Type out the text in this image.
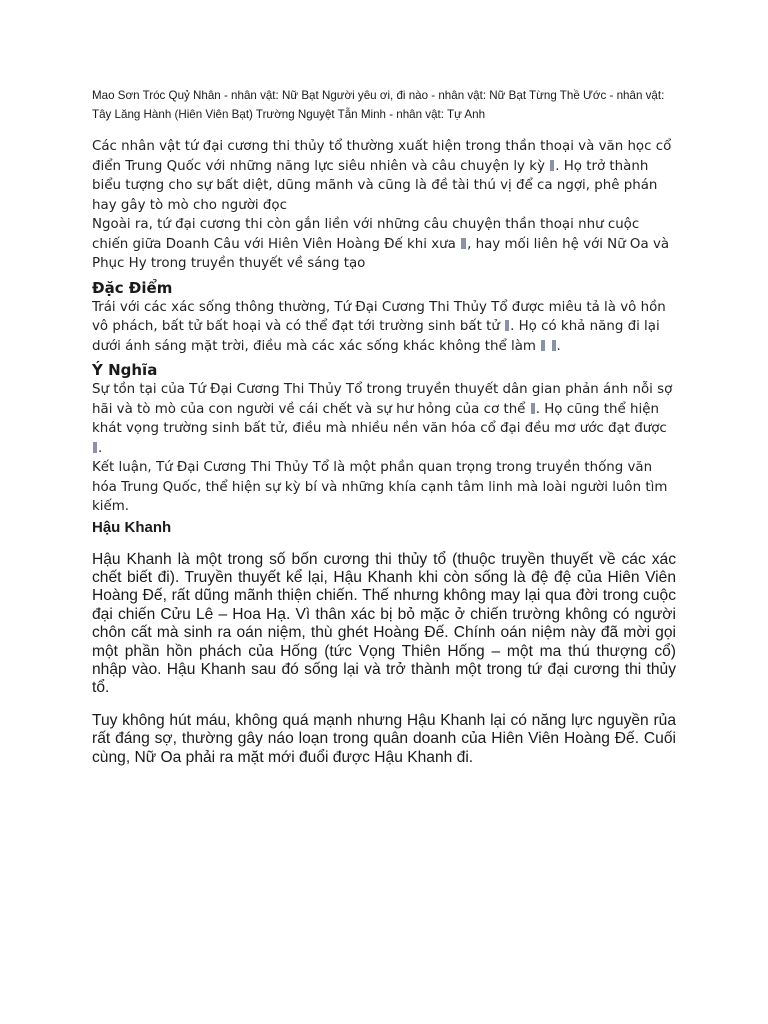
Mao Sơn Tróc Quỷ Nhân - nhân vật: Nữ Bạt Người yêu ơi, đi nào - nhân vật: Nữ Bạt Từng Thề Ước - nhân vật: Tây Lăng Hành (Hiên Viên Bạt) Trường Nguyệt Tẫn Minh - nhân vật: Tự Anh

Các nhân vật tứ đại cương thi thủy tổ thường xuất hiện trong thần thoại và văn học cổ điển Trung Quốc với những năng lực siêu nhiên và câu chuyện ly kỳ . Họ trở thành biểu tượng cho sự bất diệt, dũng mãnh và cũng là đề tài thú vị để ca ngợi, phê phán hay gây tò mò cho người đọc

Ngoài ra, tứ đại cương thi còn gắn liền với những câu chuyện thần thoại như cuộc chiến giữa Doanh Câu với Hiên Viên Hoàng Đế khi xưa , hay mối liên hệ với Nữ Oa và Phục Hy trong truyền thuyết về sáng tạo

Đặc Điểm

Trái với các xác sống thông thường, Tứ Đại Cương Thi Thủy Tổ được miêu tả là vô hồn vô phách, bất tử bất hoại và có thể đạt tới trường sinh bất tử . Họ có khả năng đi lại dưới ánh sáng mặt trời, điều mà các xác sống khác không thể làm .

Ý Nghĩa

Sự tồn tại của Tứ Đại Cương Thi Thủy Tổ trong truyền thuyết dân gian phản ánh nỗi sợ hãi và tò mò của con người về cái chết và sự hư hỏng của cơ thể . Họ cũng thể hiện khát vọng trường sinh bất tử, điều mà nhiều nền văn hóa cổ đại đều mơ ước đạt được .

Kết luận, Tứ Đại Cương Thi Thủy Tổ là một phần quan trọng trong truyền thống văn hóa Trung Quốc, thể hiện sự kỳ bí và những khía cạnh tâm linh mà loài người luôn tìm kiếm.

Hậu Khanh

Hậu Khanh là một trong số bốn cương thi thủy tổ (thuộc truyền thuyết về các xác chết biết đi). Truyền thuyết kể lại, Hậu Khanh khi còn sống là đệ đệ của Hiên Viên Hoàng Đế, rất dũng mãnh thiện chiến. Thế nhưng không may lại qua đời trong cuộc đại chiến Cửu Lê – Hoa Hạ. Vì thân xác bị bỏ mặc ở chiến trường không có người chôn cất mà sinh ra oán niệm, thù ghét Hoàng Đế. Chính oán niệm này đã mời gọi một phần hồn phách của Hống (tức Vọng Thiên Hống – một ma thú thượng cổ) nhập vào. Hậu Khanh sau đó sống lại và trở thành một trong tứ đại cương thi thủy tổ.

Tuy không hút máu, không quá mạnh nhưng Hậu Khanh lại có năng lực nguyền rủa rất đáng sợ, thường gây náo loạn trong quân doanh của Hiên Viên Hoàng Đế. Cuối cùng, Nữ Oa phải ra mặt mới đuổi được Hậu Khanh đi.
